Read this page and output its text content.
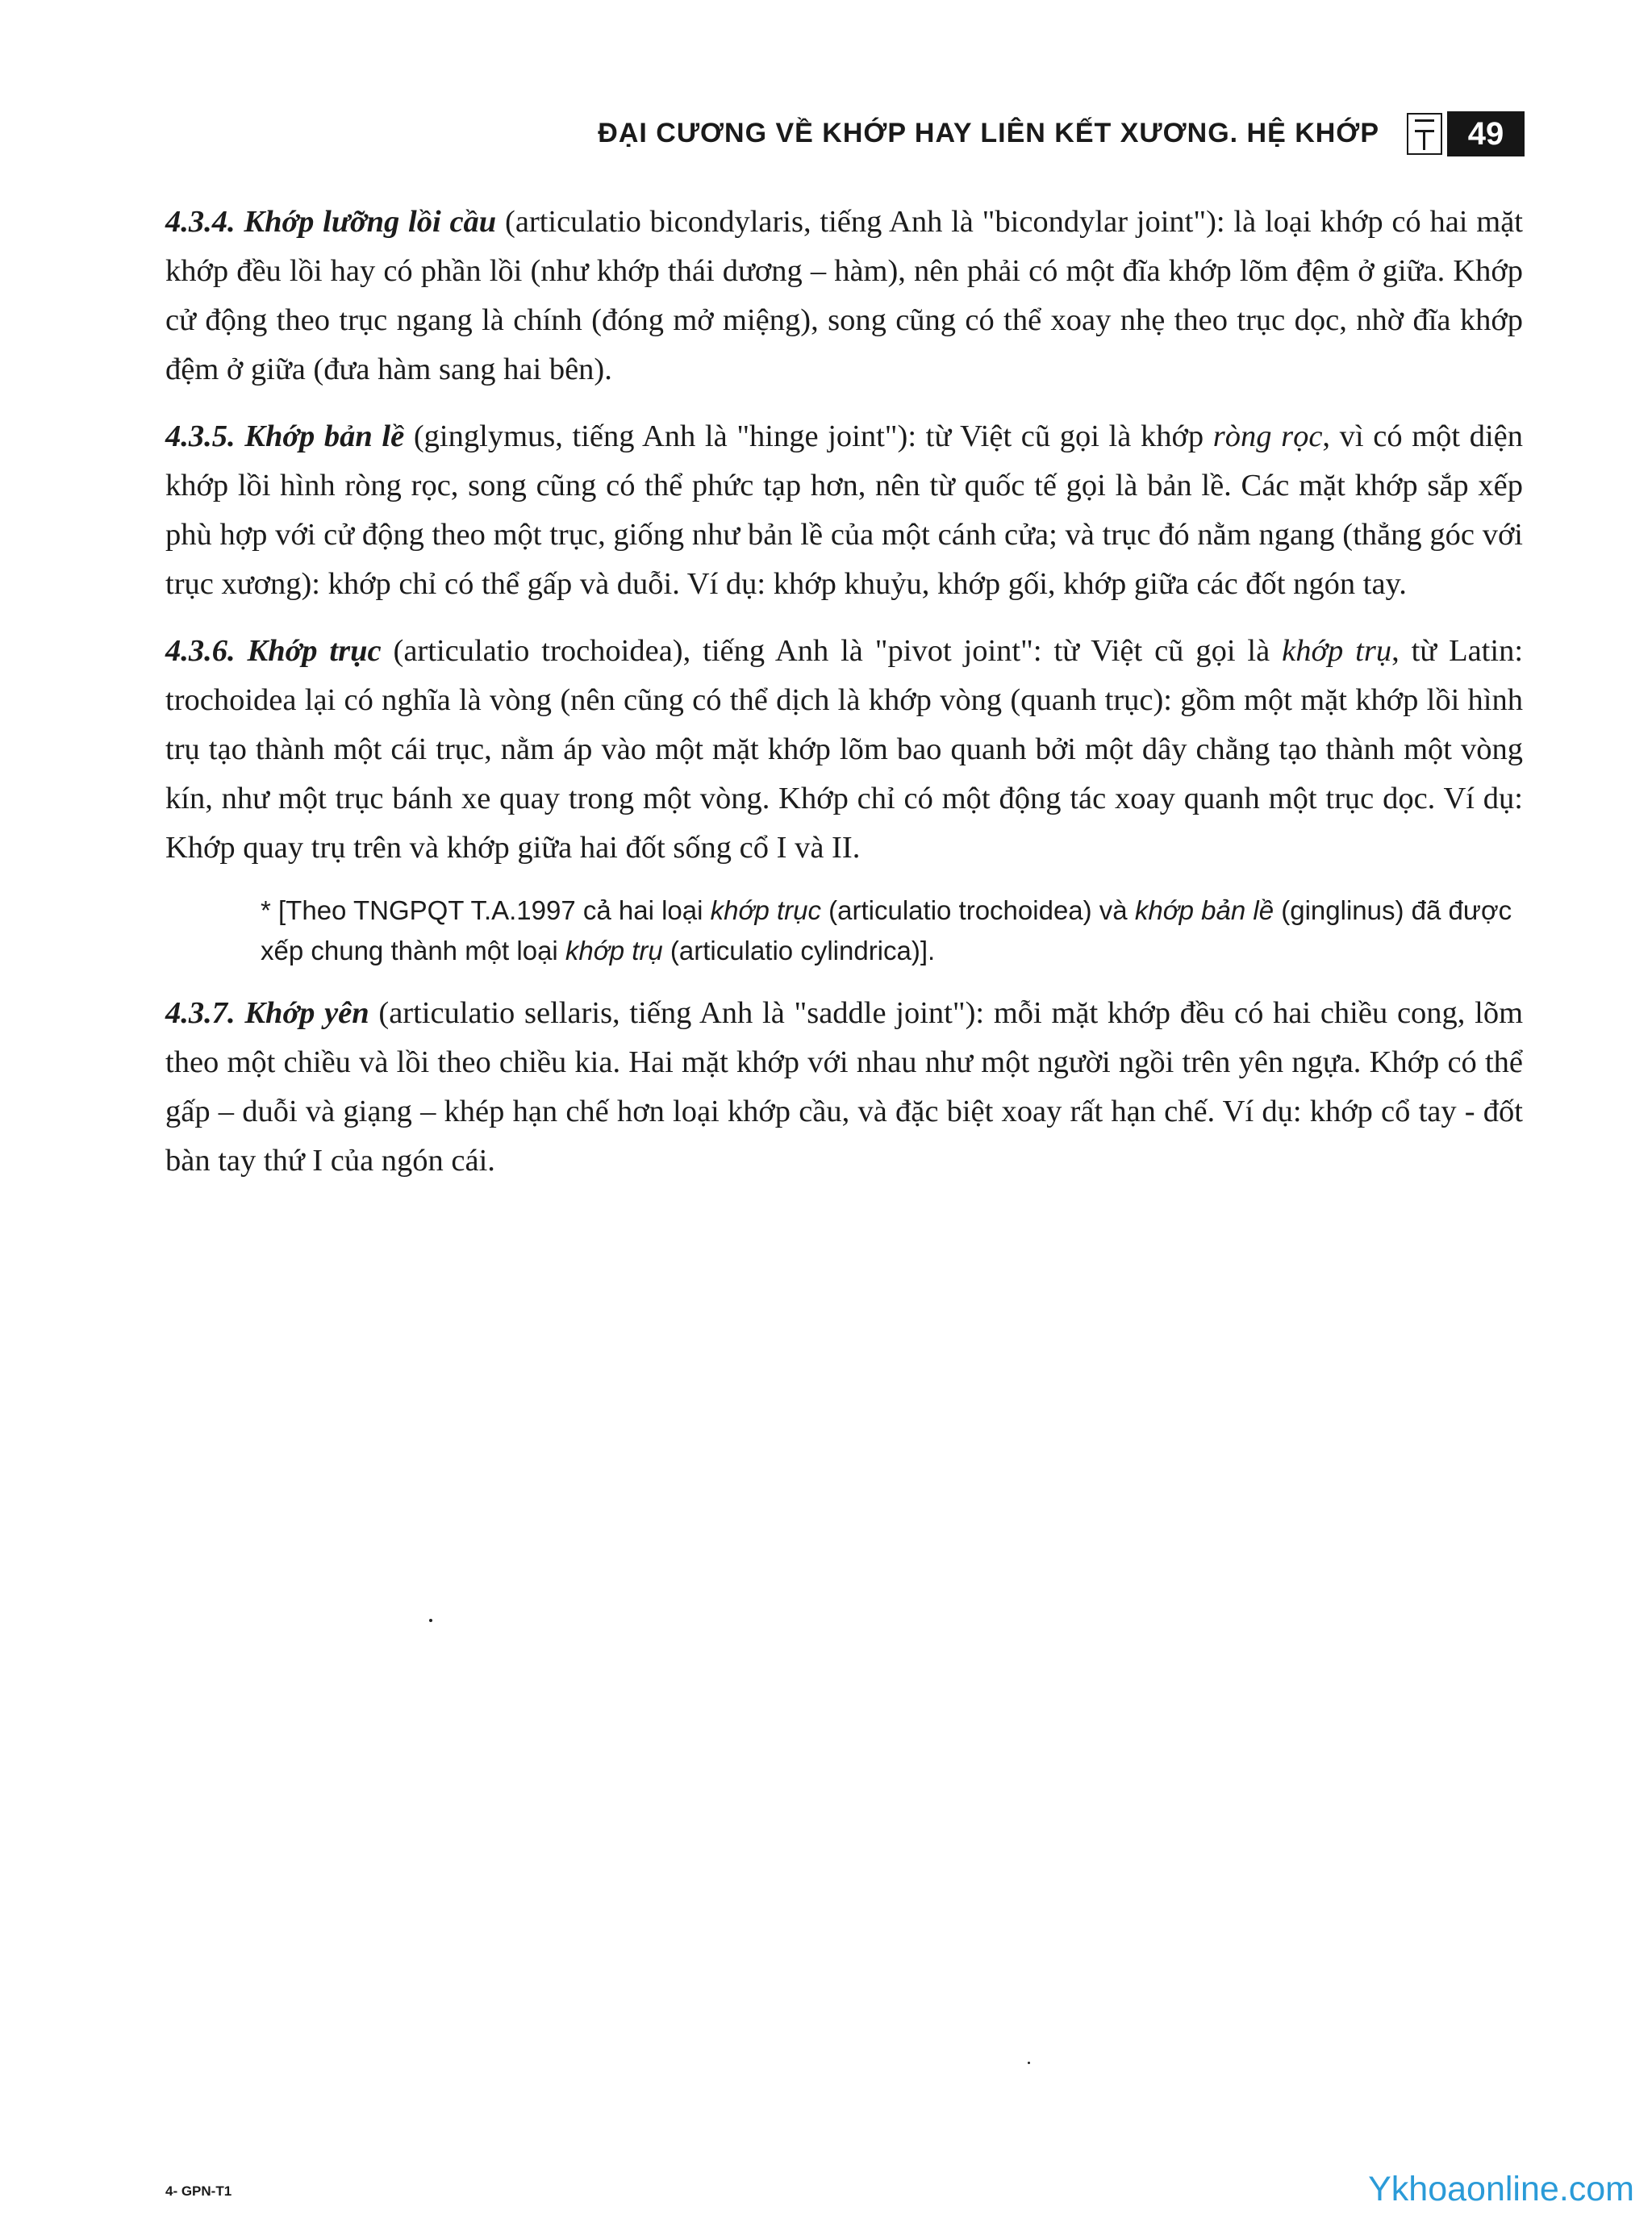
ĐẠI CƯƠNG VỀ KHỚP HAY LIÊN KẾT XƯƠNG. HỆ KHỚP	49

4.3.4. Khớp lưỡng lồi cầu (articulatio bicondylaris, tiếng Anh là "bicondylar joint"): là loại khớp có hai mặt khớp đều lồi hay có phần lồi (như khớp thái dương – hàm), nên phải có một đĩa khớp lõm đệm ở giữa. Khớp cử động theo trục ngang là chính (đóng mở miệng), song cũng có thể xoay nhẹ theo trục dọc, nhờ đĩa khớp đệm ở giữa (đưa hàm sang hai bên).

4.3.5. Khớp bản lề (ginglymus, tiếng Anh là "hinge joint"): từ Việt cũ gọi là khớp ròng rọc, vì có một diện khớp lồi hình ròng rọc, song cũng có thể phức tạp hơn, nên từ quốc tế gọi là bản lề. Các mặt khớp sắp xếp phù hợp với cử động theo một trục, giống như bản lề của một cánh cửa; và trục đó nằm ngang (thẳng góc với trục xương): khớp chỉ có thể gấp và duỗi. Ví dụ: khớp khuỷu, khớp gối, khớp giữa các đốt ngón tay.

4.3.6. Khớp trục (articulatio trochoidea), tiếng Anh là "pivot joint": từ Việt cũ gọi là khớp trụ, từ Latin: trochoidea lại có nghĩa là vòng (nên cũng có thể dịch là khớp vòng (quanh trục): gồm một mặt khớp lồi hình trụ tạo thành một cái trục, nằm áp vào một mặt khớp lõm bao quanh bởi một dây chằng tạo thành một vòng kín, như một trục bánh xe quay trong một vòng. Khớp chỉ có một động tác xoay quanh một trục dọc. Ví dụ: Khớp quay trụ trên và khớp giữa hai đốt sống cổ I và II.

* [Theo TNGPQT T.A.1997 cả hai loại khớp trục (articulatio trochoidea) và khớp bản lề (ginglinus) đã được xếp chung thành một loại khớp trụ (articulatio cylindrica)].

4.3.7. Khớp yên (articulatio sellaris, tiếng Anh là "saddle joint"): mỗi mặt khớp đều có hai chiều cong, lõm theo một chiều và lồi theo chiều kia. Hai mặt khớp với nhau như một người ngồi trên yên ngựa. Khớp có thể gấp – duỗi và giạng – khép hạn chế hơn loại khớp cầu, và đặc biệt xoay rất hạn chế. Ví dụ: khớp cổ tay - đốt bàn tay thứ I của ngón cái.

4- GPN-T1	Ykhoaonline.com
